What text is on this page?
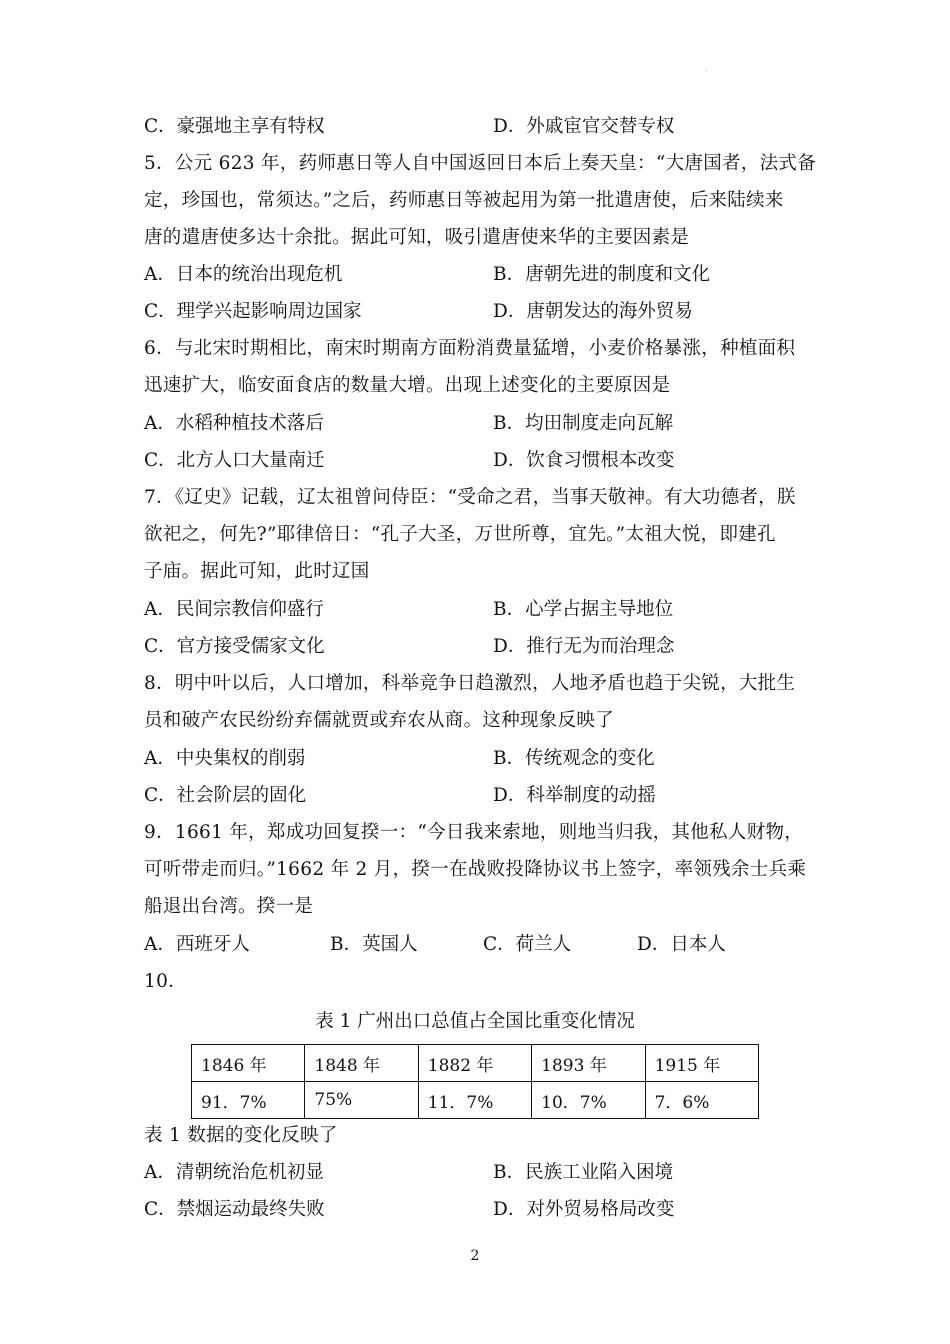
.
C．豪强地主享有特权	D．外戚宦官交替专权
5．公元 623 年，药师惠日等人自中国返回日本后上奏天皇：“大唐国者，法式备
定，珍国也，常须达。”之后，药师惠日等被起用为第一批遣唐使，后来陆续来
唐的遣唐使多达十余批。据此可知，吸引遣唐使来华的主要因素是
A．日本的统治出现危机	B．唐朝先进的制度和文化
C．理学兴起影响周边国家	D．唐朝发达的海外贸易
6．与北宋时期相比，南宋时期南方面粉消费量猛增，小麦价格暴涨，种植面积
迅速扩大，临安面食店的数量大增。出现上述变化的主要原因是
A．水稻种植技术落后	B．均田制度走向瓦解
C．北方人口大量南迁	D．饮食习惯根本改变
7．《辽史》记载，辽太祖曾问侍臣：“受命之君，当事天敬神。有大功德者，朕
欲祀之，何先?”耶律倍日：“孔子大圣，万世所尊，宜先。”太祖大悦，即建孔
子庙。据此可知，此时辽国
A．民间宗教信仰盛行	B．心学占据主导地位
C．官方接受儒家文化	D．推行无为而治理念
8．明中叶以后，人口增加，科举竞争日趋激烈，人地矛盾也趋于尖锐，大批生
员和破产农民纷纷弃儒就贾或弃农从商。这种现象反映了
A．中央集权的削弱	B．传统观念的变化
C．社会阶层的固化	D．科举制度的动摇
9．1661 年，郑成功回复揆一：“今日我来索地，则地当归我，其他私人财物，
可听带走而归。”1662 年 2 月，揆一在战败投降协议书上签字，率领残余士兵乘
船退出台湾。揆一是
A．西班牙人	B．英国人	C．荷兰人	D．日本人
10．
表 1 广州出口总值占全国比重变化情况
1846 年	1848 年	1882 年	1893 年	1915 年
91．7%	75%	11．7%	10．7%	7．6%
表 1 数据的变化反映了
A．清朝统治危机初显	B．民族工业陷入困境
C．禁烟运动最终失败	D．对外贸易格局改变
2
